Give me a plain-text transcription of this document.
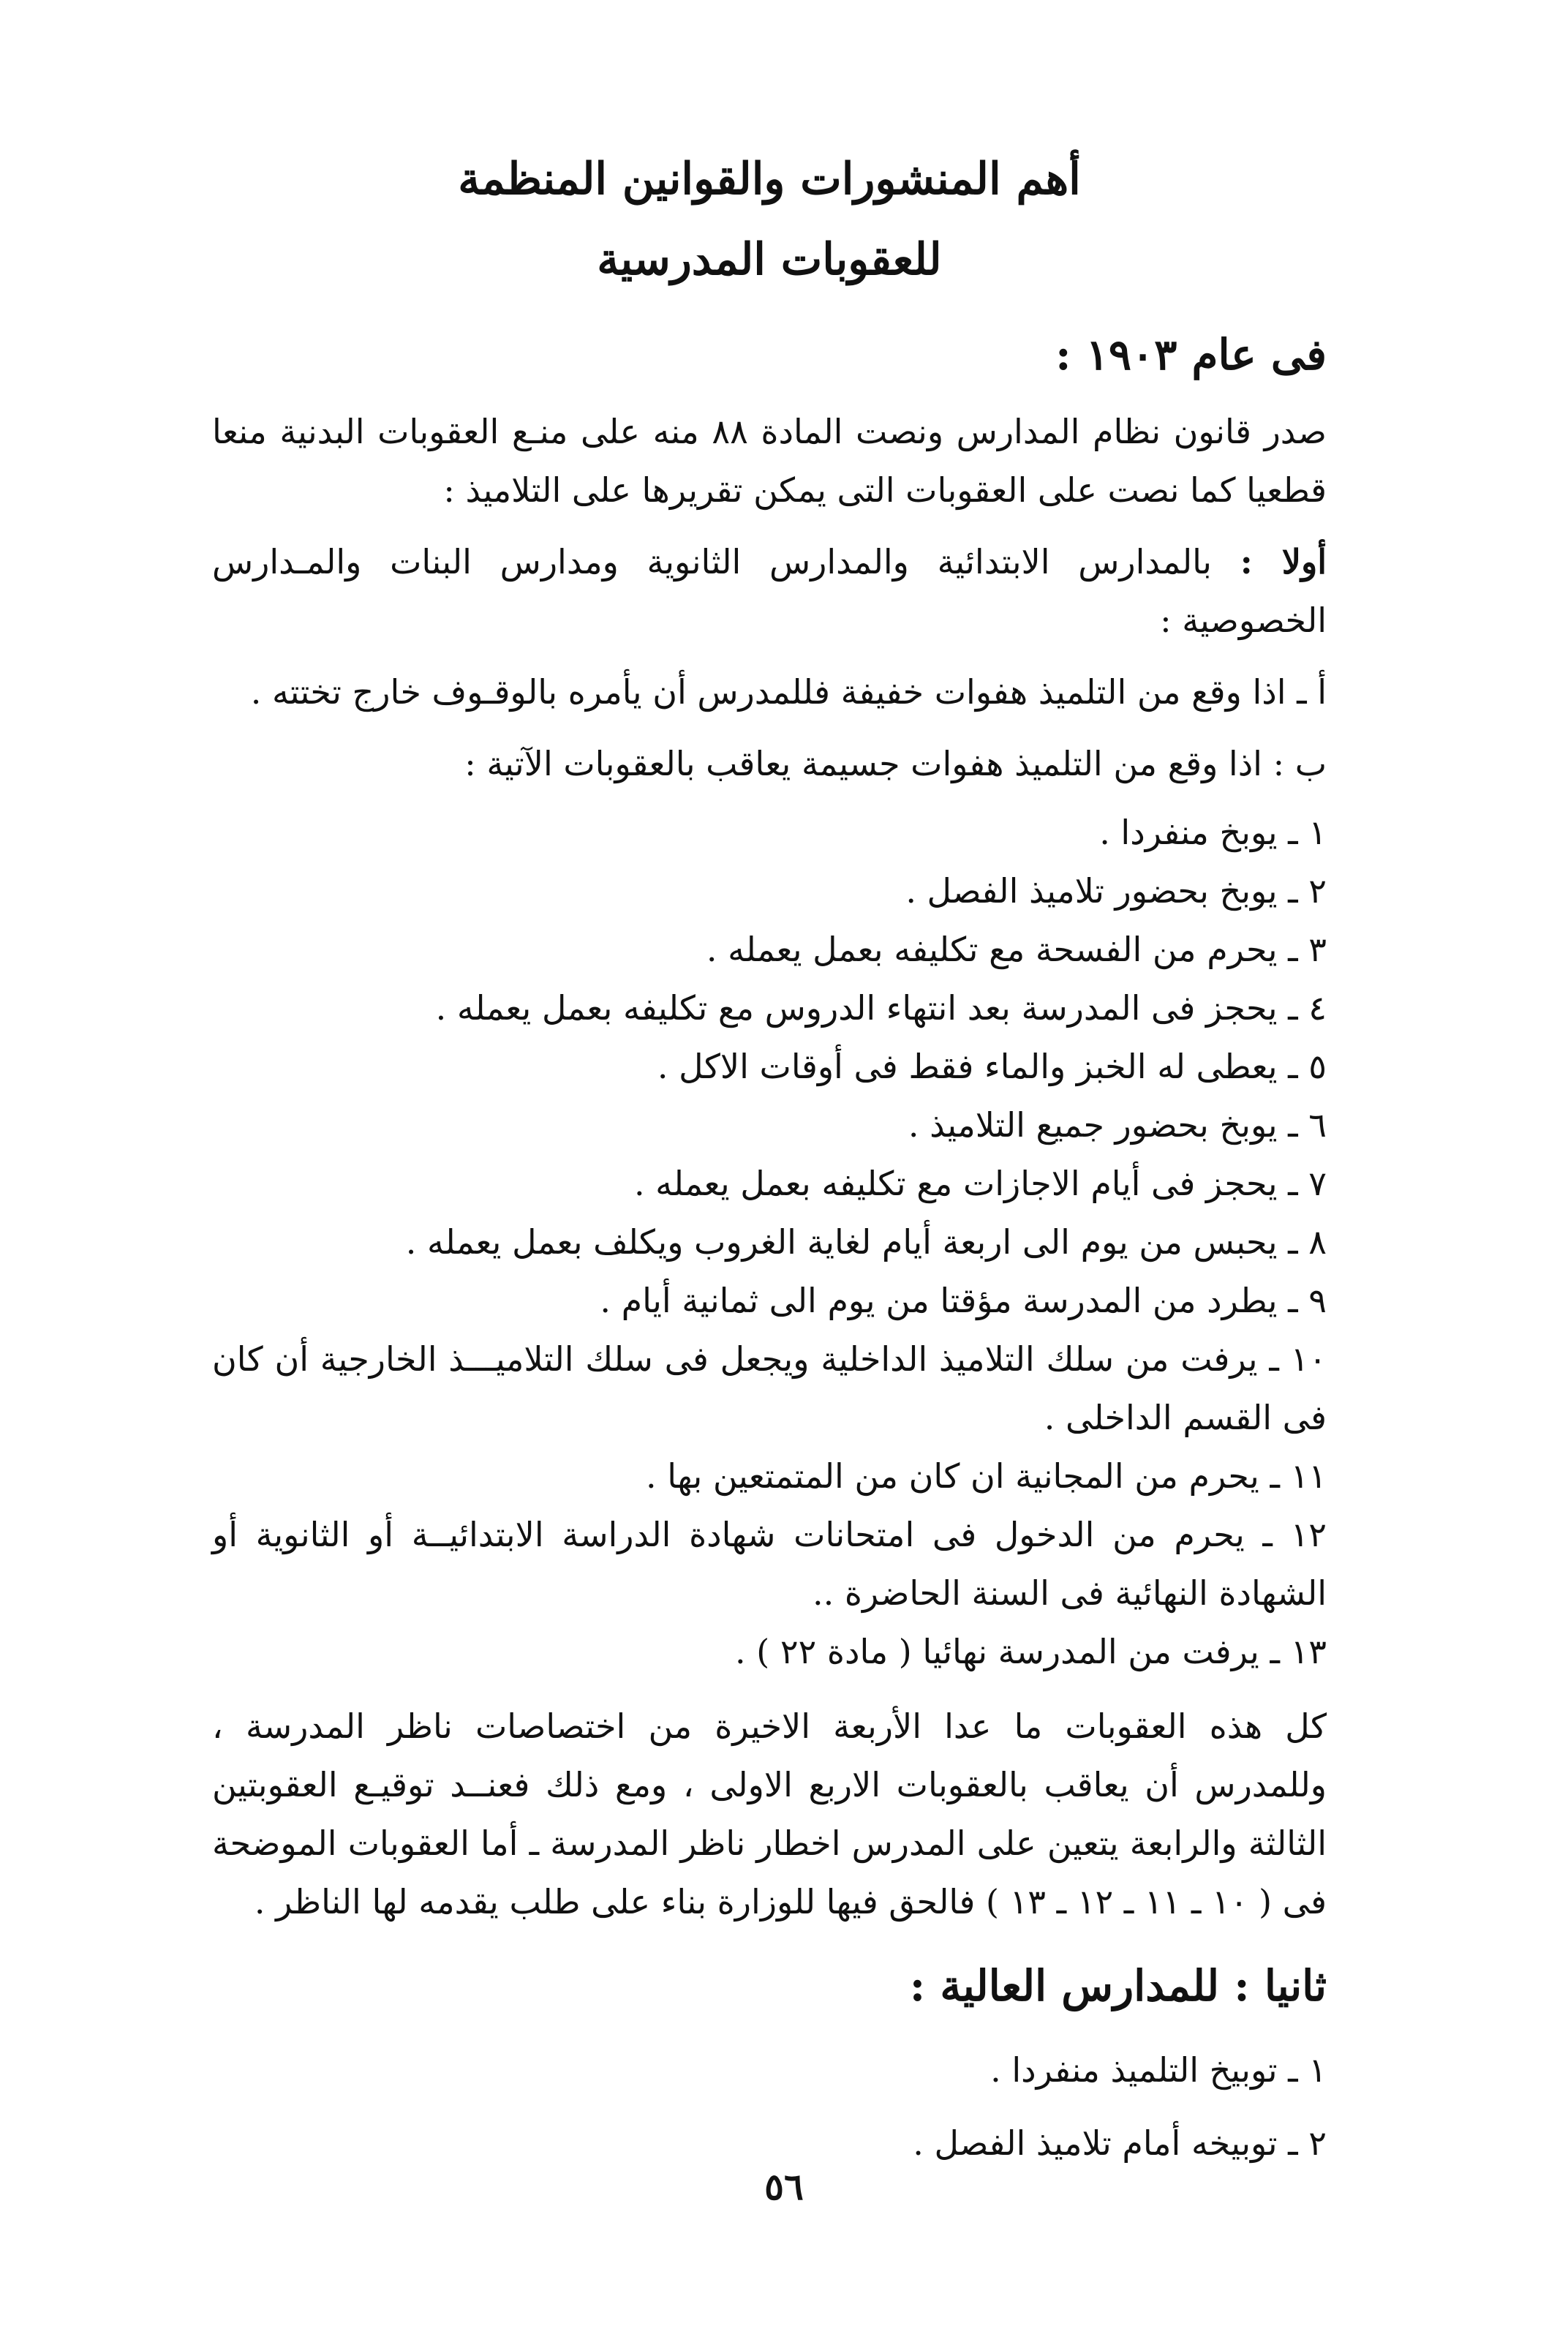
أهم المنشورات والقوانين المنظمة
للعقوبات المدرسية
فى عام ١٩٠٣ :

صدر قانون نظام المدارس ونصت المادة ٨٨ منه على منـع العقوبات البدنية منعا قطعيا كما نصت على العقوبات التى يمكن تقريرها على التلاميذ :

أولا : بالمدارس الابتدائية والمدارس الثانوية ومدارس البنات والمـدارس الخصوصية :

أ ـ اذا وقع من التلميذ هفوات خفيفة فللمدرس أن يأمره بالوقـوف خارج تختته .

ب : اذا وقع من التلميذ هفوات جسيمة يعاقب بالعقوبات الآتية :
١ ـ يوبخ منفردا .
٢ ـ يوبخ بحضور تلاميذ الفصل .
٣ ـ يحرم من الفسحة مع تكليفه بعمل يعمله .
٤ ـ يحجز فى المدرسة بعد انتهاء الدروس مع تكليفه بعمل يعمله .
٥ ـ يعطى له الخبز والماء فقط فى أوقات الاكل .
٦ ـ يوبخ بحضور جميع التلاميذ .
٧ ـ يحجز فى أيام الاجازات مع تكليفه بعمل يعمله .
٨ ـ يحبس من يوم الى اربعة أيام لغاية الغروب ويكلف بعمل يعمله .
٩ ـ يطرد من المدرسة مؤقتا من يوم الى ثمانية أيام .
١٠ ـ يرفت من سلك التلاميذ الداخلية ويجعل فى سلك التلاميـــذ الخارجية أن كان فى القسم الداخلى .
١١ ـ يحرم من المجانية ان كان من المتمتعين بها .
١٢ ـ يحرم من الدخول فى امتحانات شهادة الدراسة الابتدائيــة أو الثانوية أو الشهادة النهائية فى السنة الحاضرة ..
١٣ ـ يرفت من المدرسة نهائيا ( مادة ٢٢ ) .

كل هذه العقوبات ما عدا الأربعة الاخيرة من اختصاصات ناظر المدرسة ، وللمدرس أن يعاقب بالعقوبات الاربع الاولى ، ومع ذلك فعنــد توقيـع العقوبتين الثالثة والرابعة يتعين على المدرس اخطار ناظر المدرسة ـ أما العقوبات الموضحة فى ( ١٠ ـ ١١ ـ ١٢ ـ ١٣ ) فالحق فيها للوزارة بناء على طلب يقدمه لها الناظر .

ثانيا : للمدارس العالية :
١ ـ توبيخ التلميذ منفردا .
٢ ـ توبيخه أمام تلاميذ الفصل .
٥٦
